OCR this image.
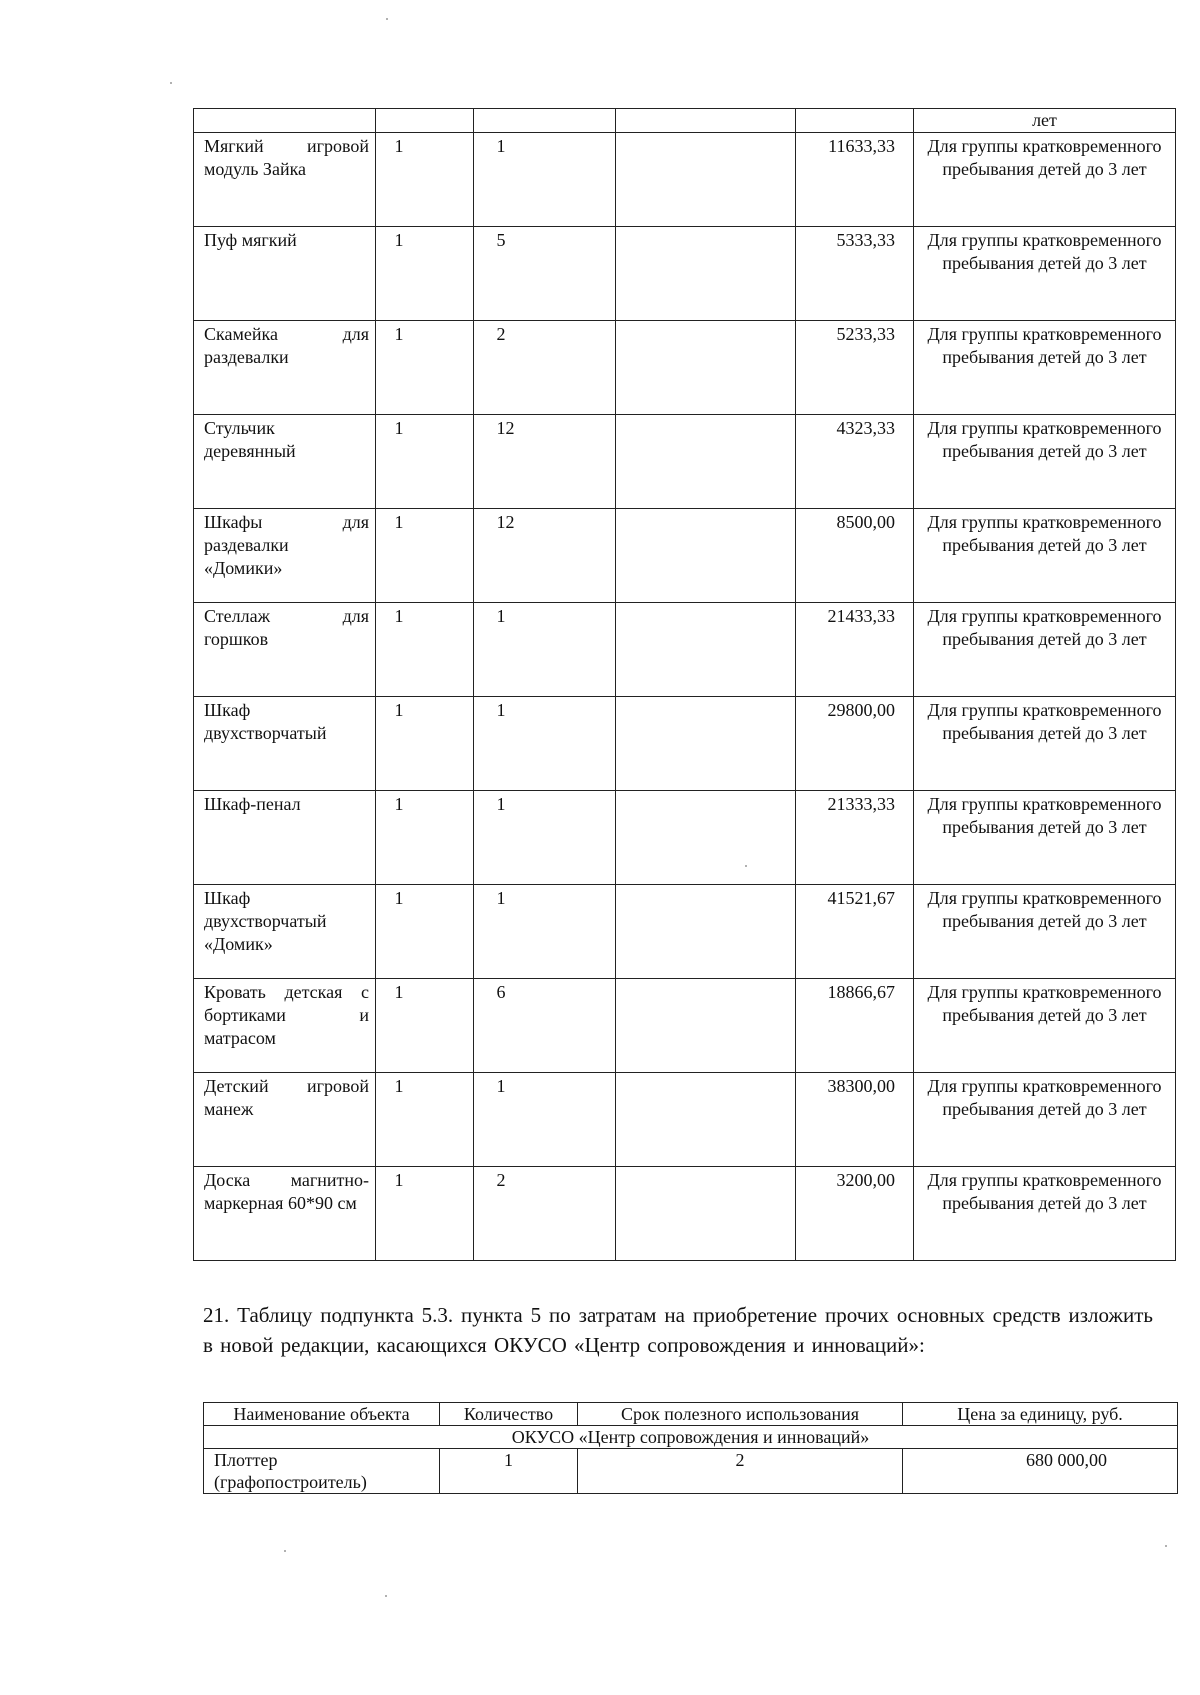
					лет
Мягкий игровой модуль Зайка	1	1		11633,33	Для группы кратковременного пребывания детей до 3 лет
Пуф мягкий	1	5		5333,33	Для группы кратковременного пребывания детей до 3 лет
Скамейка для раздевалки	1	2		5233,33	Для группы кратковременного пребывания детей до 3 лет
Стульчик деревянный	1	12		4323,33	Для группы кратковременного пребывания детей до 3 лет
Шкафы для раздевалки «Домики»	1	12		8500,00	Для группы кратковременного пребывания детей до 3 лет
Стеллаж для горшков	1	1		21433,33	Для группы кратковременного пребывания детей до 3 лет
Шкаф двухстворчатый	1	1		29800,00	Для группы кратковременного пребывания детей до 3 лет
Шкаф-пенал	1	1		21333,33	Для группы кратковременного пребывания детей до 3 лет
Шкаф двухстворчатый «Домик»	1	1		41521,67	Для группы кратковременного пребывания детей до 3 лет
Кровать детская с бортиками и матрасом	1	6		18866,67	Для группы кратковременного пребывания детей до 3 лет
Детский игровой манеж	1	1		38300,00	Для группы кратковременного пребывания детей до 3 лет
Доска магнитно-маркерная 60*90 см	1	2		3200,00	Для группы кратковременного пребывания детей до 3 лет

21. Таблицу подпункта 5.3. пункта 5 по затратам на приобретение прочих основных средств изложить в новой редакции, касающихся ОКУСО «Центр сопровождения и инноваций»:

Наименование объекта	Количество	Срок полезного использования	Цена за единицу, руб.
ОКУСО «Центр сопровождения и инноваций»			
Плоттер (графопостроитель)	1	2	680 000,00
